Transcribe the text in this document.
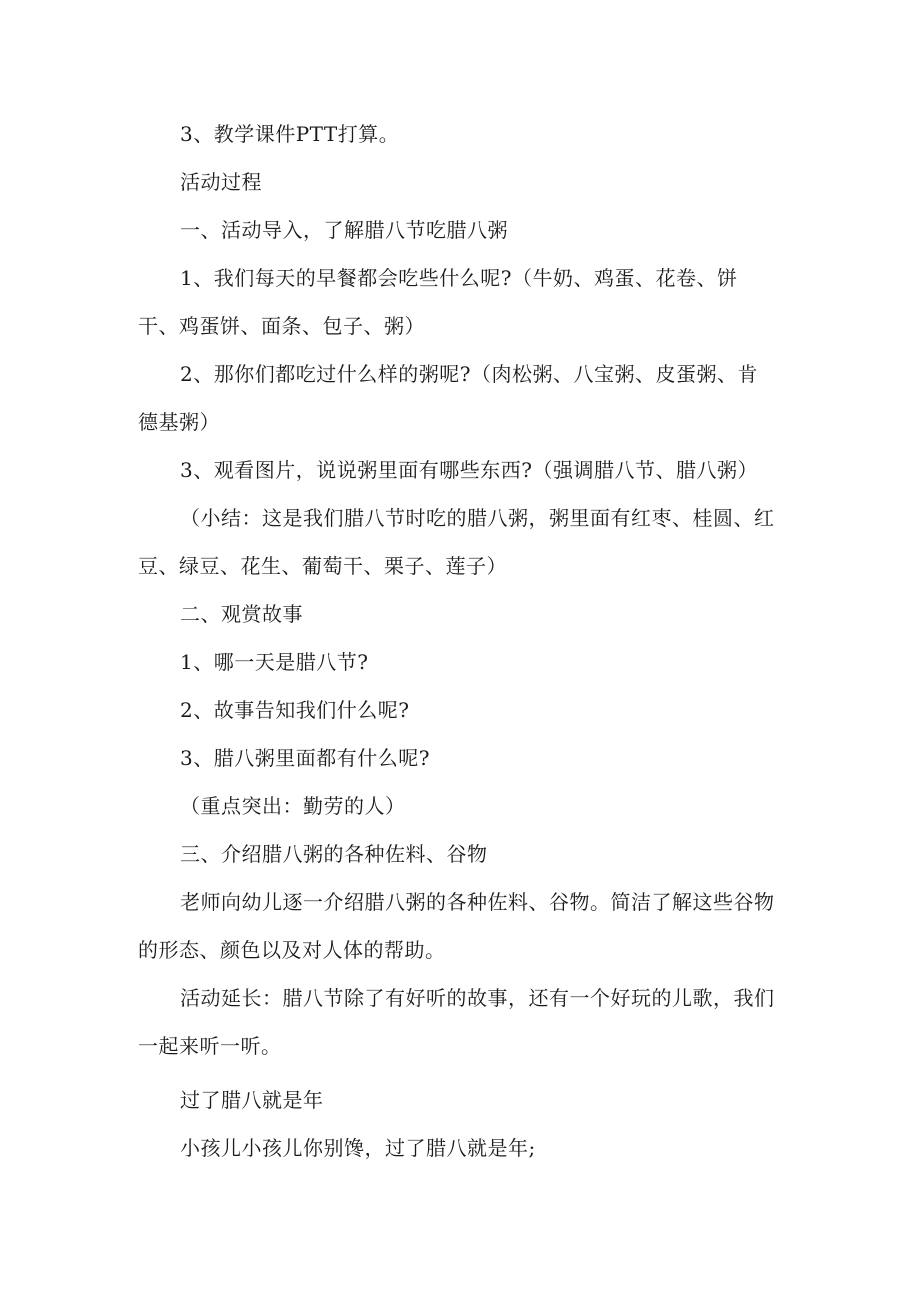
3、教学课件PTT打算。

活动过程

一、活动导入，了解腊八节吃腊八粥

1、我们每天的早餐都会吃些什么呢?（牛奶、鸡蛋、花卷、饼干、鸡蛋饼、面条、包子、粥）

2、那你们都吃过什么样的粥呢?（肉松粥、八宝粥、皮蛋粥、肯德基粥）

3、观看图片，说说粥里面有哪些东西?（强调腊八节、腊八粥）

（小结：这是我们腊八节时吃的腊八粥，粥里面有红枣、桂圆、红豆、绿豆、花生、葡萄干、栗子、莲子）

二、观赏故事

1、哪一天是腊八节?

2、故事告知我们什么呢?

3、腊八粥里面都有什么呢?

（重点突出：勤劳的人）

三、介绍腊八粥的各种佐料、谷物

老师向幼儿逐一介绍腊八粥的各种佐料、谷物。简洁了解这些谷物的形态、颜色以及对人体的帮助。

活动延长：腊八节除了有好听的故事，还有一个好玩的儿歌，我们一起来听一听。

过了腊八就是年

小孩儿小孩儿你别馋，过了腊八就是年;
